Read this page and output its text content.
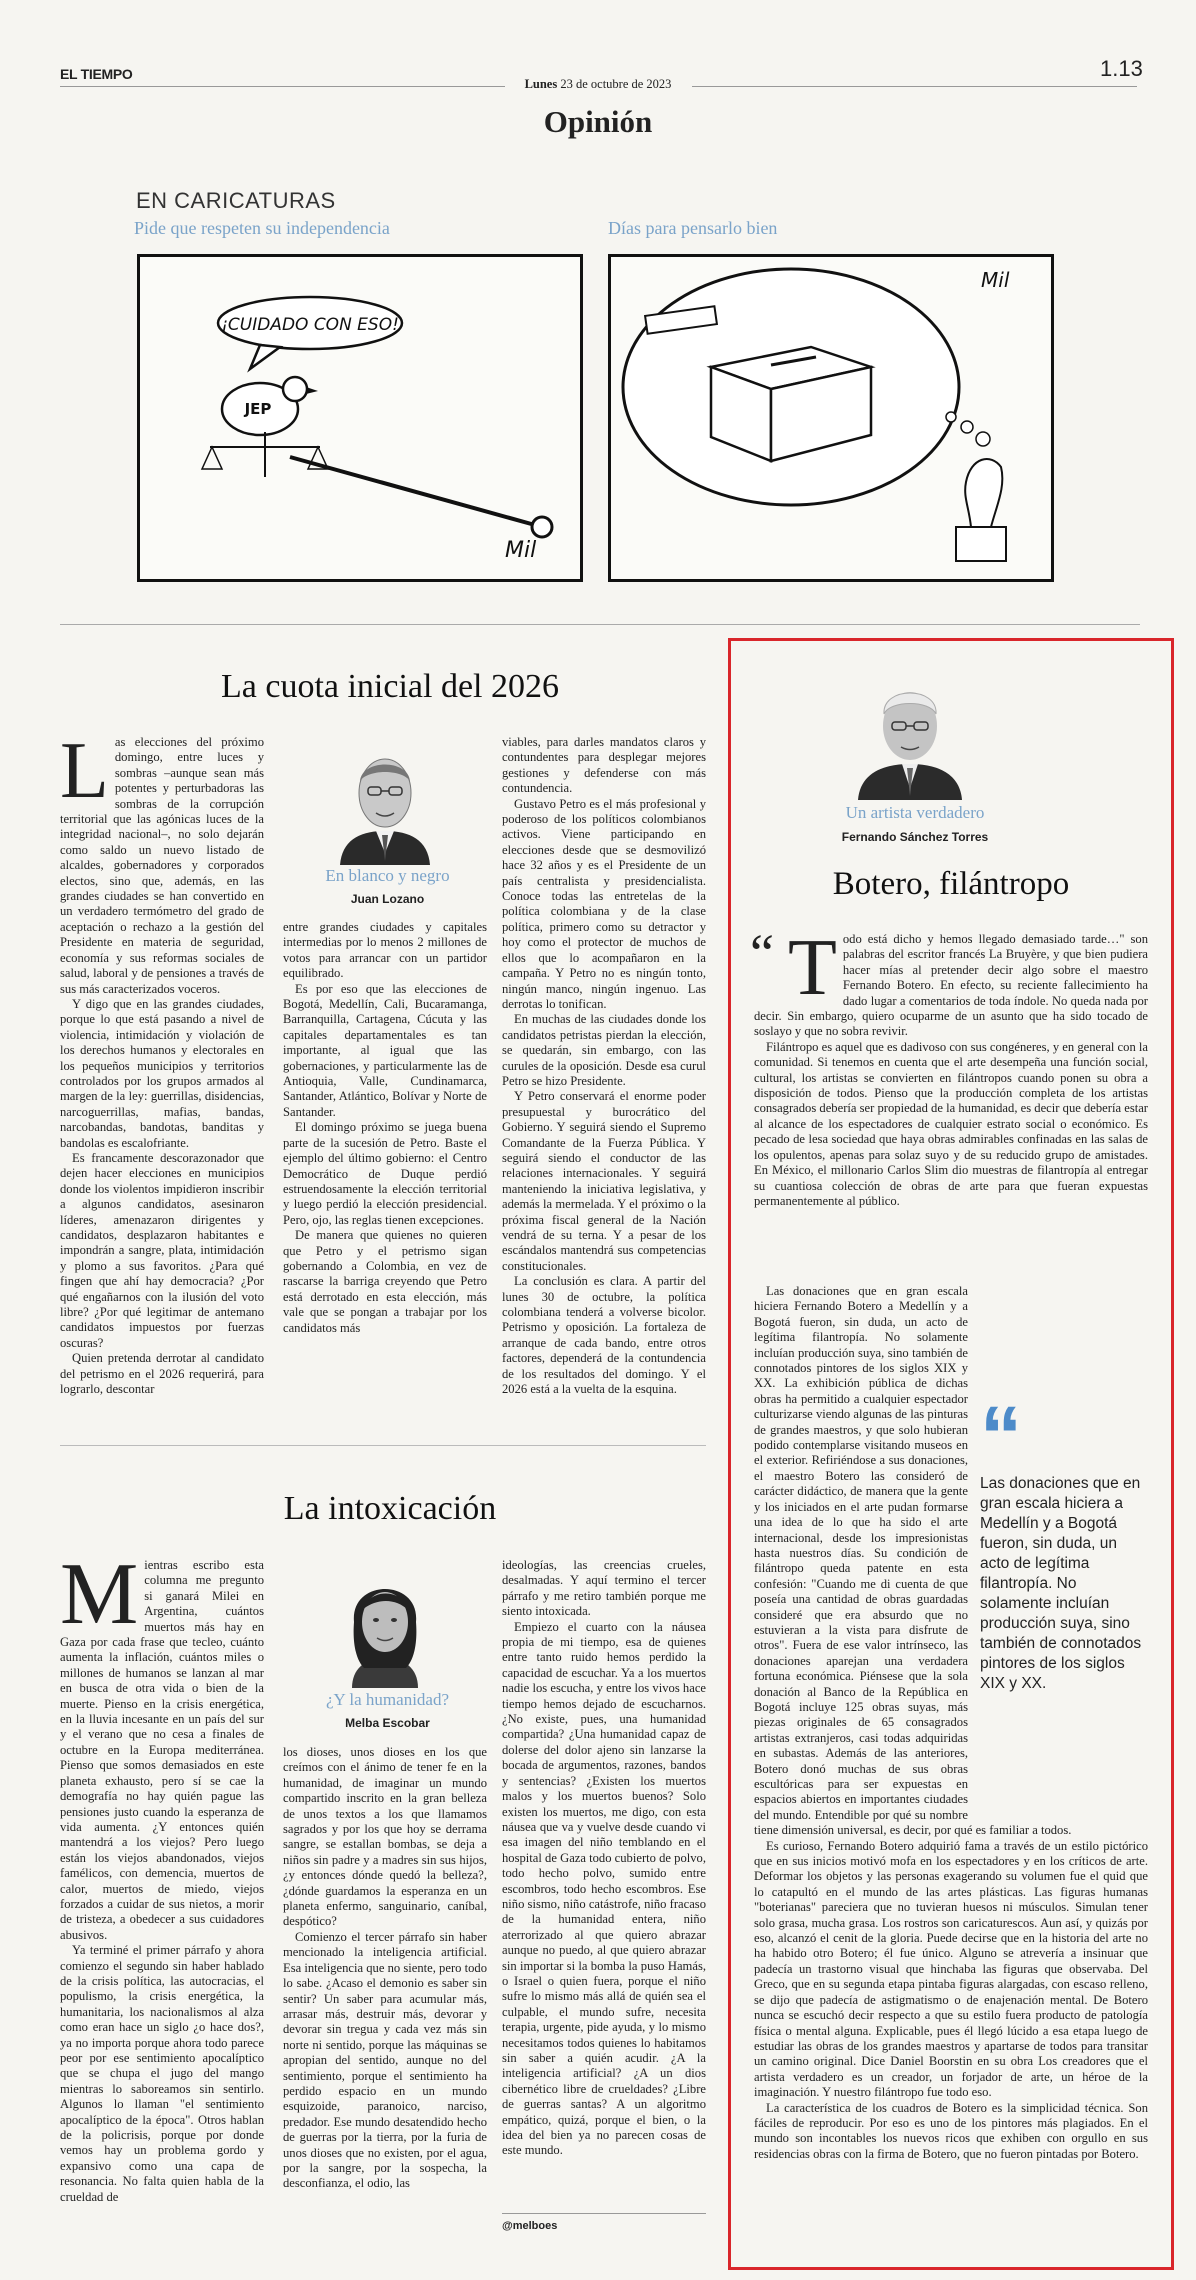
EL TIEMPO
Lunes 23 de octubre de 2023
1.13
Opinión
EN CARICATURAS
Pide que respeten su independencia	Días para pensarlo bien
¡CUIDADO CON ESO!
JEP
Mil
Mil
La cuota inicial del 2026

Las elecciones del próximo domingo, entre luces y sombras –aunque sean más potentes y perturbadoras las sombras de la corrupción territorial que las agónicas luces de la integridad nacional–, no solo dejarán como saldo un nuevo listado de alcaldes, gobernadores y corporados electos, sino que, además, en las grandes ciudades se han convertido en un verdadero termómetro del grado de aceptación o rechazo a la gestión del Presidente en materia de seguridad, economía y sus reformas sociales de salud, laboral y de pensiones a través de sus más caracterizados voceros.

Y digo que en las grandes ciudades, porque lo que está pasando a nivel de violencia, intimidación y violación de los derechos humanos y electorales en los pequeños municipios y territorios controlados por los grupos armados al margen de la ley: guerrillas, disidencias, narcoguerrillas, mafias, bandas, narcobandas, bandotas, banditas y bandolas es escalofriante.

Es francamente descorazonador que dejen hacer elecciones en municipios donde los violentos impidieron inscribir a algunos candidatos, asesinaron líderes, amenazaron dirigentes y candidatos, desplazaron habitantes e impondrán a sangre, plata, intimidación y plomo a sus favoritos. ¿Para qué fingen que ahí hay democracia? ¿Por qué engañarnos con la ilusión del voto libre? ¿Por qué legitimar de antemano candidatos impuestos por fuerzas oscuras?

Quien pretenda derrotar al candidato del petrismo en el 2026 requerirá, para lograrlo, descontar

En blanco y negro
Juan Lozano

entre grandes ciudades y capitales intermedias por lo menos 2 millones de votos para arrancar con un partidor equilibrado.

Es por eso que las elecciones de Bogotá, Medellín, Cali, Bucaramanga, Barranquilla, Cartagena, Cúcuta y las capitales departamentales es tan importante, al igual que las gobernaciones, y particularmente las de Antioquia, Valle, Cundinamarca, Santander, Atlántico, Bolívar y Norte de Santander.

El domingo próximo se juega buena parte de la sucesión de Petro. Baste el ejemplo del último gobierno: el Centro Democrático de Duque perdió estruendosamente la elección territorial y luego perdió la elección presidencial. Pero, ojo, las reglas tienen excepciones.

De manera que quienes no quieren que Petro y el petrismo sigan gobernando a Colombia, en vez de rascarse la barriga creyendo que Petro está derrotado en esta elección, más vale que se pongan a trabajar por los candidatos más

viables, para darles mandatos claros y contundentes para desplegar mejores gestiones y defenderse con más contundencia.

Gustavo Petro es el más profesional y poderoso de los políticos colombianos activos. Viene participando en elecciones desde que se desmovilizó hace 32 años y es el Presidente de un país centralista y presidencialista. Conoce todas las entretelas de la política colombiana y de la clase política, primero como su detractor y hoy como el protector de muchos de ellos que lo acompañaron en la campaña. Y Petro no es ningún tonto, ningún manco, ningún ingenuo. Las derrotas lo tonifican.

En muchas de las ciudades donde los candidatos petristas pierdan la elección, se quedarán, sin embargo, con las curules de la oposición. Desde esa curul Petro se hizo Presidente.

Y Petro conservará el enorme poder presupuestal y burocrático del Gobierno. Y seguirá siendo el Supremo Comandante de la Fuerza Pública. Y seguirá siendo el conductor de las relaciones internacionales. Y seguirá manteniendo la iniciativa legislativa, y además la mermelada. Y el próximo o la próxima fiscal general de la Nación vendrá de su terna. Y a pesar de los escándalos mantendrá sus competencias constitucionales.

La conclusión es clara. A partir del lunes 30 de octubre, la política colombiana tenderá a volverse bicolor. Petrismo y oposición. La fortaleza de arranque de cada bando, entre otros factores, dependerá de la contundencia de los resultados del domingo. Y el 2026 está a la vuelta de la esquina.

La intoxicación

Mientras escribo esta columna me pregunto si ganará Milei en Argentina, cuántos muertos más hay en Gaza por cada frase que tecleo, cuánto aumenta la inflación, cuántos miles o millones de humanos se lanzan al mar en busca de otra vida o bien de la muerte. Pienso en la crisis energética, en la lluvia incesante en un país del sur y el verano que no cesa a finales de octubre en la Europa mediterránea. Pienso que somos demasiados en este planeta exhausto, pero sí se cae la demografía no hay quién pague las pensiones justo cuando la esperanza de vida aumenta. ¿Y entonces quién mantendrá a los viejos? Pero luego están los viejos abandonados, viejos famélicos, con demencia, muertos de calor, muertos de miedo, viejos forzados a cuidar de sus nietos, a morir de tristeza, a obedecer a sus cuidadores abusivos.

Ya terminé el primer párrafo y ahora comienzo el segundo sin haber hablado de la crisis política, las autocracias, el populismo, la crisis energética, la humanitaria, los nacionalismos al alza como eran hace un siglo ¿o hace dos?, ya no importa porque ahora todo parece peor por ese sentimiento apocalíptico que se chupa el jugo del mango mientras lo saboreamos sin sentirlo. Algunos lo llaman "el sentimiento apocalíptico de la época". Otros hablan de la policrisis, porque por donde vemos hay un problema gordo y expansivo como una capa de resonancia. No falta quien habla de la crueldad de

¿Y la humanidad?
Melba Escobar

los dioses, unos dioses en los que creímos con el ánimo de tener fe en la humanidad, de imaginar un mundo compartido inscrito en la gran belleza de unos textos a los que llamamos sagrados y por los que hoy se derrama sangre, se estallan bombas, se deja a niños sin padre y a madres sin sus hijos, ¿y entonces dónde quedó la belleza?, ¿dónde guardamos la esperanza en un planeta enfermo, sanguinario, caníbal, despótico?

Comienzo el tercer párrafo sin haber mencionado la inteligencia artificial. Esa inteligencia que no siente, pero todo lo sabe. ¿Acaso el demonio es saber sin sentir? Un saber para acumular más, arrasar más, destruir más, devorar y devorar sin tregua y cada vez más sin norte ni sentido, porque las máquinas se apropian del sentido, aunque no del sentimiento, porque el sentimiento ha perdido espacio en un mundo esquizoide, paranoico, narciso, predador. Ese mundo desatendido hecho de guerras por la tierra, por la furia de unos dioses que no existen, por el agua, por la sangre, por la sospecha, la desconfianza, el odio, las

ideologías, las creencias crueles, desalmadas. Y aquí termino el tercer párrafo y me retiro también porque me siento intoxicada.

Empiezo el cuarto con la náusea propia de mi tiempo, esa de quienes entre tanto ruido hemos perdido la capacidad de escuchar. Ya a los muertos nadie los escucha, y entre los vivos hace tiempo hemos dejado de escucharnos. ¿No existe, pues, una humanidad compartida? ¿Una humanidad capaz de dolerse del dolor ajeno sin lanzarse la bocada de argumentos, razones, bandos y sentencias? ¿Existen los muertos malos y los muertos buenos? Solo existen los muertos, me digo, con esta náusea que va y vuelve desde cuando vi esa imagen del niño temblando en el hospital de Gaza todo cubierto de polvo, todo hecho polvo, sumido entre escombros, todo hecho escombros. Ese niño sismo, niño catástrofe, niño fracaso de la humanidad entera, niño aterrorizado al que quiero abrazar aunque no puedo, al que quiero abrazar sin importar si la bomba la puso Hamás, o Israel o quien fuera, porque el niño sufre lo mismo más allá de quién sea el culpable, el mundo sufre, necesita terapia, urgente, pide ayuda, y lo mismo necesitamos todos quienes lo habitamos sin saber a quién acudir. ¿A la inteligencia artificial? ¿A un dios cibernético libre de crueldades? ¿Libre de guerras santas? A un algoritmo empático, quizá, porque el bien, o la idea del bien ya no parecen cosas de este mundo.

@melboes
Un artista verdadero
Fernando Sánchez Torres
Botero, filántropo

“ T odo está dicho y hemos llegado demasiado tarde…" son palabras del escritor francés La Bruyère, y que bien pudiera hacer mías al pretender decir algo sobre el maestro Fernando Botero. En efecto, su reciente fallecimiento ha dado lugar a comentarios de toda índole. No queda nada por decir. Sin embargo, quiero ocuparme de un asunto que ha sido tocado de soslayo y que no sobra revivir.

Filántropo es aquel que es dadivoso con sus congéneres, y en general con la comunidad. Si tenemos en cuenta que el arte desempeña una función social, cultural, los artistas se convierten en filántropos cuando ponen su obra a disposición de todos. Pienso que la producción completa de los artistas consagrados debería ser propiedad de la humanidad, es decir que debería estar al alcance de los espectadores de cualquier estrato social o económico. Es pecado de lesa sociedad que haya obras admirables confinadas en las salas de los opulentos, apenas para solaz suyo y de su reducido grupo de amistades. En México, el millonario Carlos Slim dio muestras de filantropía al entregar su cuantiosa colección de obras de arte para que fueran expuestas permanentemente al público.

“
Las donaciones que en gran escala hiciera a Medellín y a Bogotá fueron, sin duda, un acto de legítima filantropía. No solamente incluían producción suya, sino también de connotados pintores de los siglos XIX y XX.

Las donaciones que en gran escala hiciera Fernando Botero a Medellín y a Bogotá fueron, sin duda, un acto de legítima filantropía. No solamente incluían producción suya, sino también de connotados pintores de los siglos XIX y XX. La exhibición pública de dichas obras ha permitido a cualquier espectador culturizarse viendo algunas de las pinturas de grandes maestros, y que solo hubieran podido contemplarse visitando museos en el exterior. Refiriéndose a sus donaciones, el maestro Botero las consideró de carácter didáctico, de manera que la gente y los iniciados en el arte pudan formarse una idea de lo que ha sido el arte internacional, desde los impresionistas hasta nuestros días. Su condición de filántropo queda patente en esta confesión: "Cuando me di cuenta de que poseía una cantidad de obras guardadas consideré que era absurdo que no estuvieran a la vista para disfrute de otros". Fuera de ese valor intrínseco, las donaciones aparejan una verdadera fortuna económica. Piénsese que la sola donación al Banco de la República en Bogotá incluye 125 obras suyas, más piezas originales de 65 consagrados artistas extranjeros, casi todas adquiridas en subastas. Además de las anteriores, Botero donó muchas de sus obras escultóricas para ser expuestas en espacios abiertos en importantes ciudades del mundo. Entendible por qué su nombre tiene dimensión universal, es decir, por qué es familiar a todos.

Es curioso, Fernando Botero adquirió fama a través de un estilo pictórico que en sus inicios motivó mofa en los espectadores y en los críticos de arte. Deformar los objetos y las personas exagerando su volumen fue el quid que lo catapultó en el mundo de las artes plásticas. Las figuras humanas "boterianas" pareciera que no tuvieran huesos ni músculos. Simulan tener solo grasa, mucha grasa. Los rostros son caricaturescos. Aun así, y quizás por eso, alcanzó el cenit de la gloria. Puede decirse que en la historia del arte no ha habido otro Botero; él fue único. Alguno se atrevería a insinuar que padecía un trastorno visual que hinchaba las figuras que observaba. Del Greco, que en su segunda etapa pintaba figuras alargadas, con escaso relleno, se dijo que padecía de astigmatismo o de enajenación mental. De Botero nunca se escuchó decir respecto a que su estilo fuera producto de patología física o mental alguna. Explicable, pues él llegó lúcido a esa etapa luego de estudiar las obras de los grandes maestros y apartarse de todos para transitar un camino original. Dice Daniel Boorstin en su obra Los creadores que el artista verdadero es un creador, un forjador de arte, un héroe de la imaginación. Y nuestro filántropo fue todo eso.

La característica de los cuadros de Botero es la simplicidad técnica. Son fáciles de reproducir. Por eso es uno de los pintores más plagiados. En el mundo son incontables los nuevos ricos que exhiben con orgullo en sus residencias obras con la firma de Botero, que no fueron pintadas por Botero.
